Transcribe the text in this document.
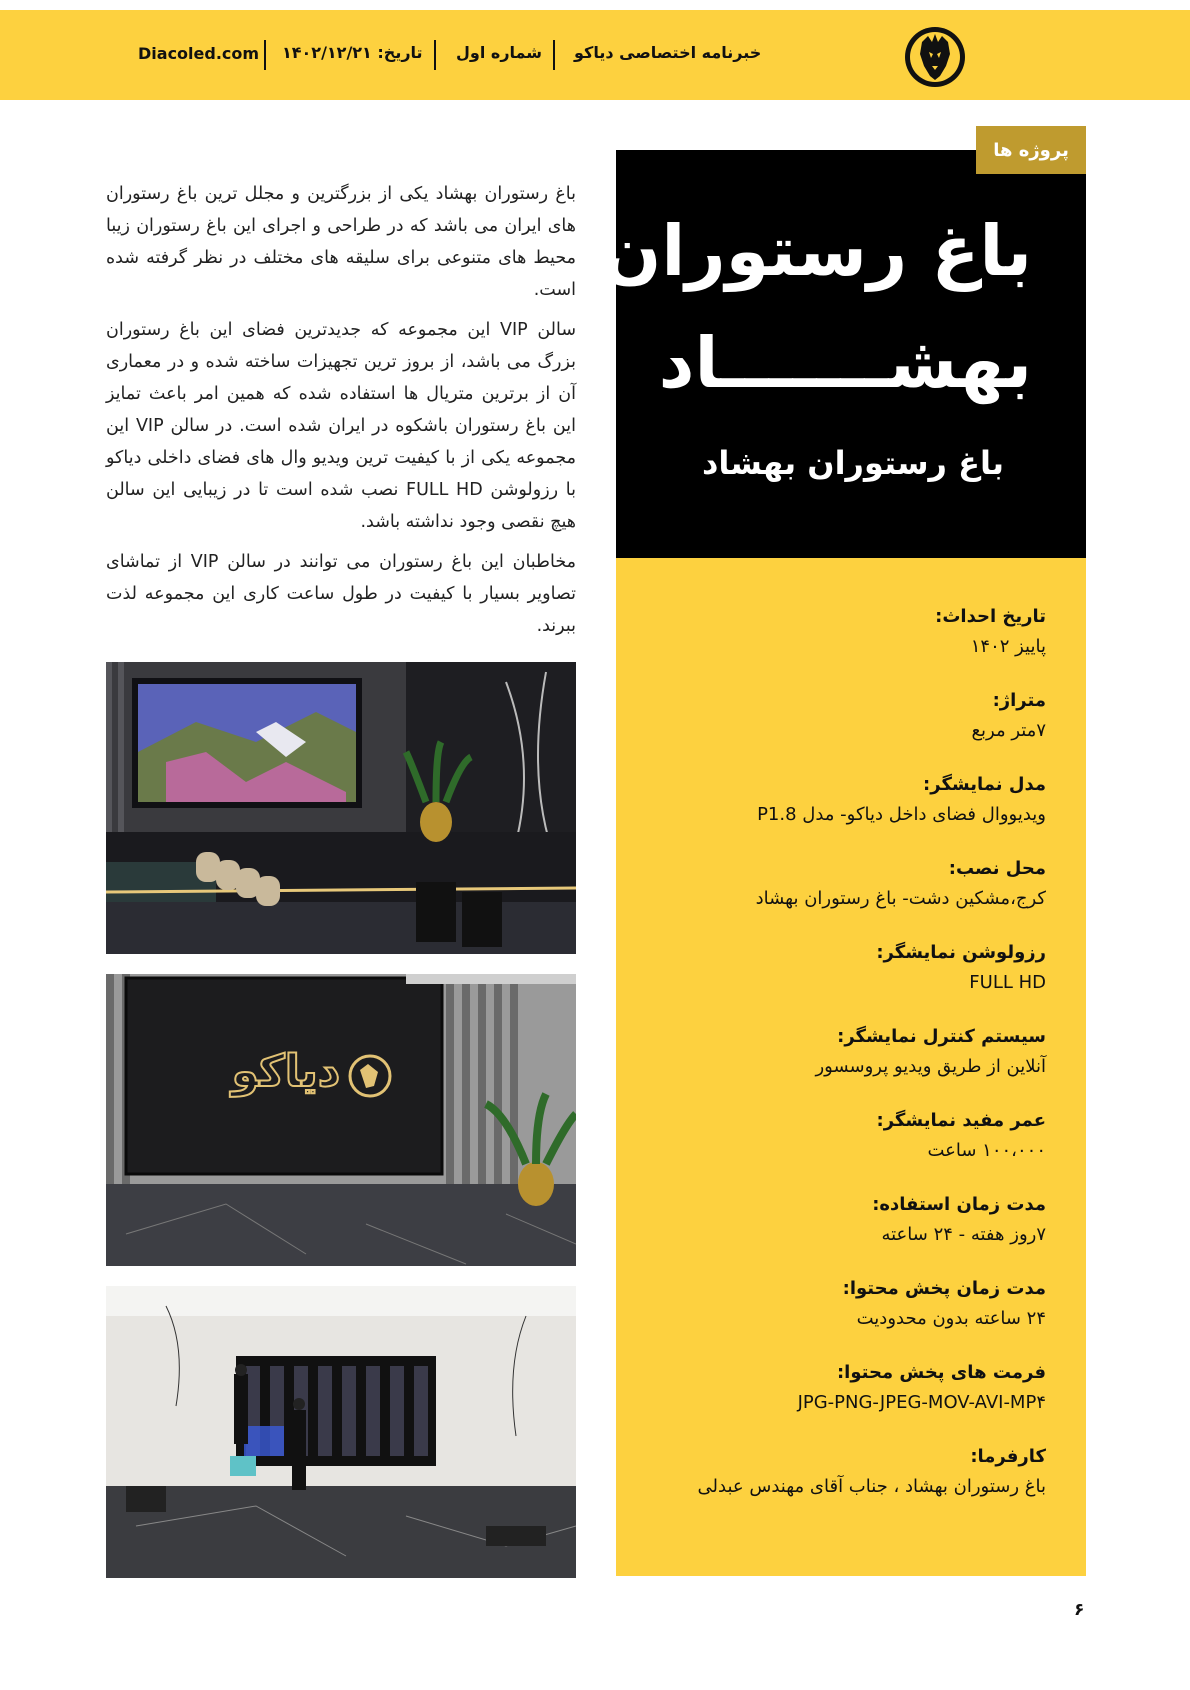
Diacoled.com تاریخ: ۱۴۰۲/۱۲/۲۱ شماره اول خبرنامه اختصاصی دیاکو
باغ رستوران
بهشـــــــاد
باغ رستوران بهشاد
پروژه ها
تاریخ احداث:
پاییز ۱۴۰۲
متراژ:
۷متر مربع
مدل نمایشگر:
ویدیووال فضای داخل دیاکو- مدل P1.8
محل نصب:
کرج،مشکین دشت- باغ رستوران بهشاد
رزولوشن نمایشگر:
FULL HD
سیستم کنترل نمایشگر:
آنلاین از طریق ویدیو پروسسور
عمر مفید نمایشگر:
۱۰۰،۰۰۰ ساعت
مدت زمان استفاده:
۷روز هفته - ۲۴ ساعته
مدت زمان پخش محتوا:
۲۴ ساعته بدون محدودیت
فرمت های پخش محتوا:
JPG-PNG-JPEG-MOV-AVI-MP۴
کارفرما:
باغ رستوران بهشاد ، جناب آقای مهندس عبدلی

باغ رستوران بهشاد یکی از بزرگترین و مجلل ترین باغ رستوران های ایران می باشد که در طراحی و اجرای این باغ رستوران زیبا محیط های متنوعی برای سلیقه های مختلف در نظر گرفته شده است.

سالن VIP این مجموعه که جدیدترین فضای این باغ رستوران بزرگ می باشد، از بروز ترین تجهیزات ساخته شده و در معماری آن از برترین متریال ها استفاده شده که همین امر باعث تمایز این باغ رستوران باشکوه در ایران شده است. در سالن VIP این مجموعه یکی از با کیفیت ترین ویدیو وال های فضای داخلی دیاکو با رزولوشن FULL HD نصب شده است تا در زیبایی این سالن هیچ نقصی وجود نداشته باشد.

مخاطبان این باغ رستوران می توانند در سالن VIP از تماشای تصاویر بسیار با کیفیت در طول ساعت کاری این مجموعه لذت ببرند.

دیاکو
۶
